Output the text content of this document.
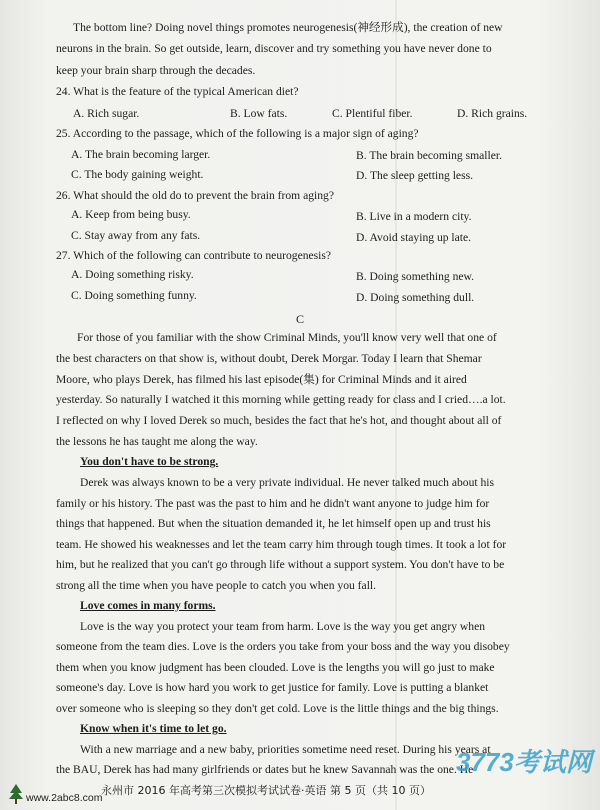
The bottom line? Doing novel things promotes neurogenesis(神经形成), the creation of new
neurons in the brain. So get outside, learn, discover and try something you have never done to
keep your brain sharp through the decades.
24. What is the feature of the typical American diet?
A. Rich sugar.	B. Low fats.	C. Plentiful fiber.	D. Rich grains.
25. According to the passage, which of the following is a major sign of aging?
A. The brain becoming larger.	B. The brain becoming smaller.
C. The body gaining weight.	D. The sleep getting less.
26. What should the old do to prevent the brain from aging?
A. Keep from being busy.	B. Live in a modern city.
C. Stay away from any fats.	D. Avoid staying up late.
27. Which of the following can contribute to neurogenesis?
A. Doing something risky.	B. Doing something new.
C. Doing something funny.	D. Doing something dull.
C
For those of you familiar with the show Criminal Minds, you'll know very well that one of
the best characters on that show is, without doubt, Derek Morgar. Today I learn that Shemar
Moore, who plays Derek, has filmed his last episode(集) for Criminal Minds and it aired
yesterday. So naturally I watched it this morning while getting ready for class and I cried….a lot.
I reflected on why I loved Derek so much, besides the fact that he's hot, and thought about all of
the lessons he has taught me along the way.
You don't have to be strong.
Derek was always known to be a very private individual. He never talked much about his
family or his history. The past was the past to him and he didn't want anyone to judge him for
things that happened. But when the situation demanded it, he let himself open up and trust his
team. He showed his weaknesses and let the team carry him through tough times. It took a lot for
him, but he realized that you can't go through life without a support system. You don't have to be
strong all the time when you have people to catch you when you fall.
Love comes in many forms.
Love is the way you protect your team from harm. Love is the way you get angry when
someone from the team dies. Love is the orders you take from your boss and the way you disobey
them when you know judgment has been clouded. Love is the lengths you will go just to make
someone's day. Love is how hard you work to get justice for family. Love is putting a blanket
over someone who is sleeping so they don't get cold. Love is the little things and the big things.
Know when it's time to let go.
With a new marriage and a new baby, priorities sometime need reset. During his years at
the BAU, Derek has had many girlfriends or dates but he knew Savannah was the one. He
3773考试网
永州市 2016 年高考第三次模拟考试试卷·英语 第 5 页（共 10 页）
www.2abc8.com
